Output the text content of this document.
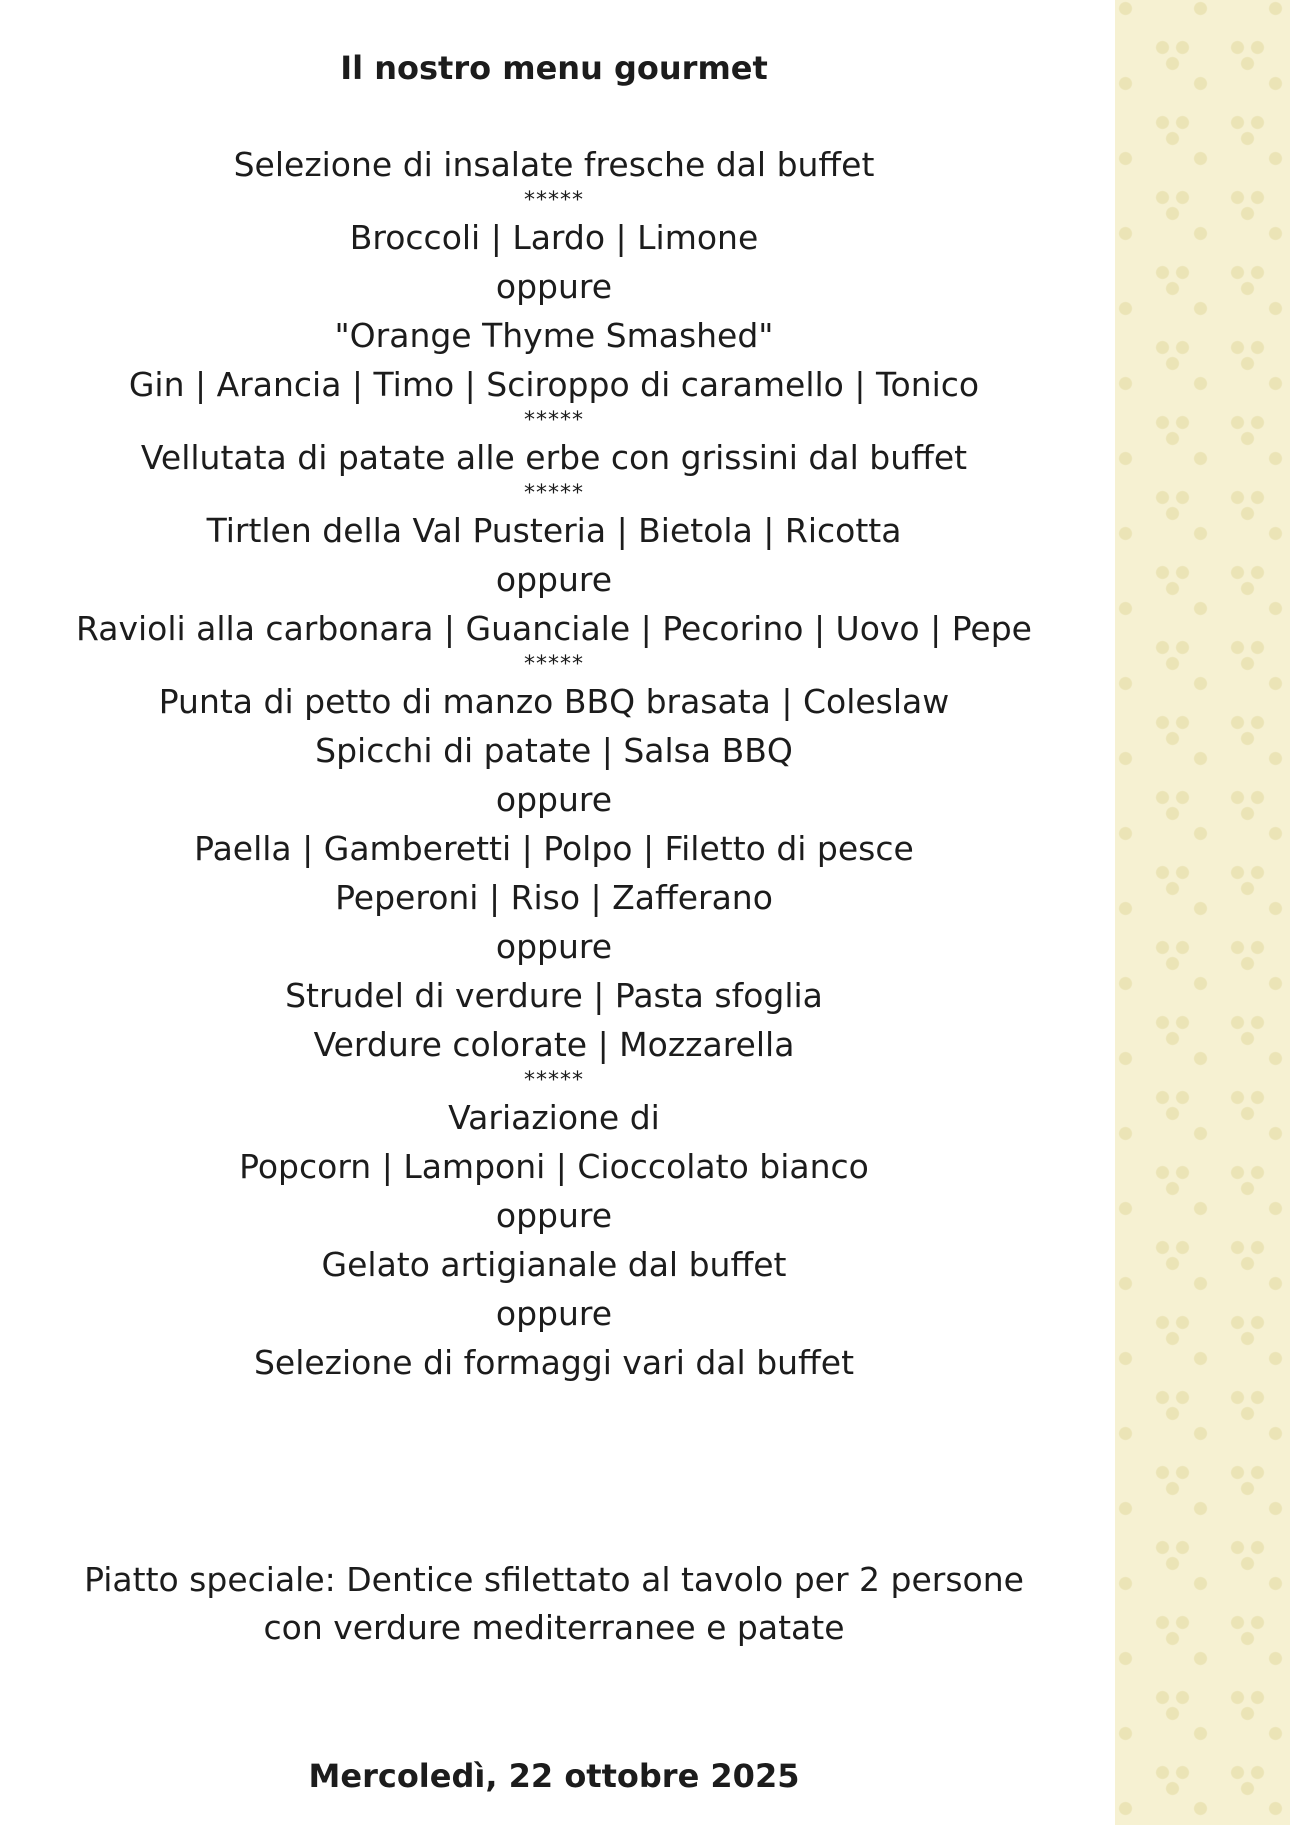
Il nostro menu gourmet
Selezione di insalate fresche dal buffet
*****
Broccoli | Lardo | Limone
oppure
"Orange Thyme Smashed"
Gin | Arancia | Timo | Sciroppo di caramello | Tonico
*****
Vellutata di patate alle erbe con grissini dal buffet
*****
Tirtlen della Val Pusteria | Bietola | Ricotta
oppure
Ravioli alla carbonara | Guanciale | Pecorino | Uovo | Pepe
*****
Punta di petto di manzo BBQ brasata | Coleslaw
Spicchi di patate | Salsa BBQ
oppure
Paella | Gamberetti | Polpo | Filetto di pesce
Peperoni | Riso | Zafferano
oppure
Strudel di verdure | Pasta sfoglia
Verdure colorate | Mozzarella
*****
Variazione di
Popcorn | Lamponi | Cioccolato bianco
oppure
Gelato artigianale dal buffet
oppure
Selezione di formaggi vari dal buffet
Piatto speciale: Dentice sfilettato al tavolo per 2 persone
con verdure mediterranee e patate
Mercoledì, 22 ottobre 2025
